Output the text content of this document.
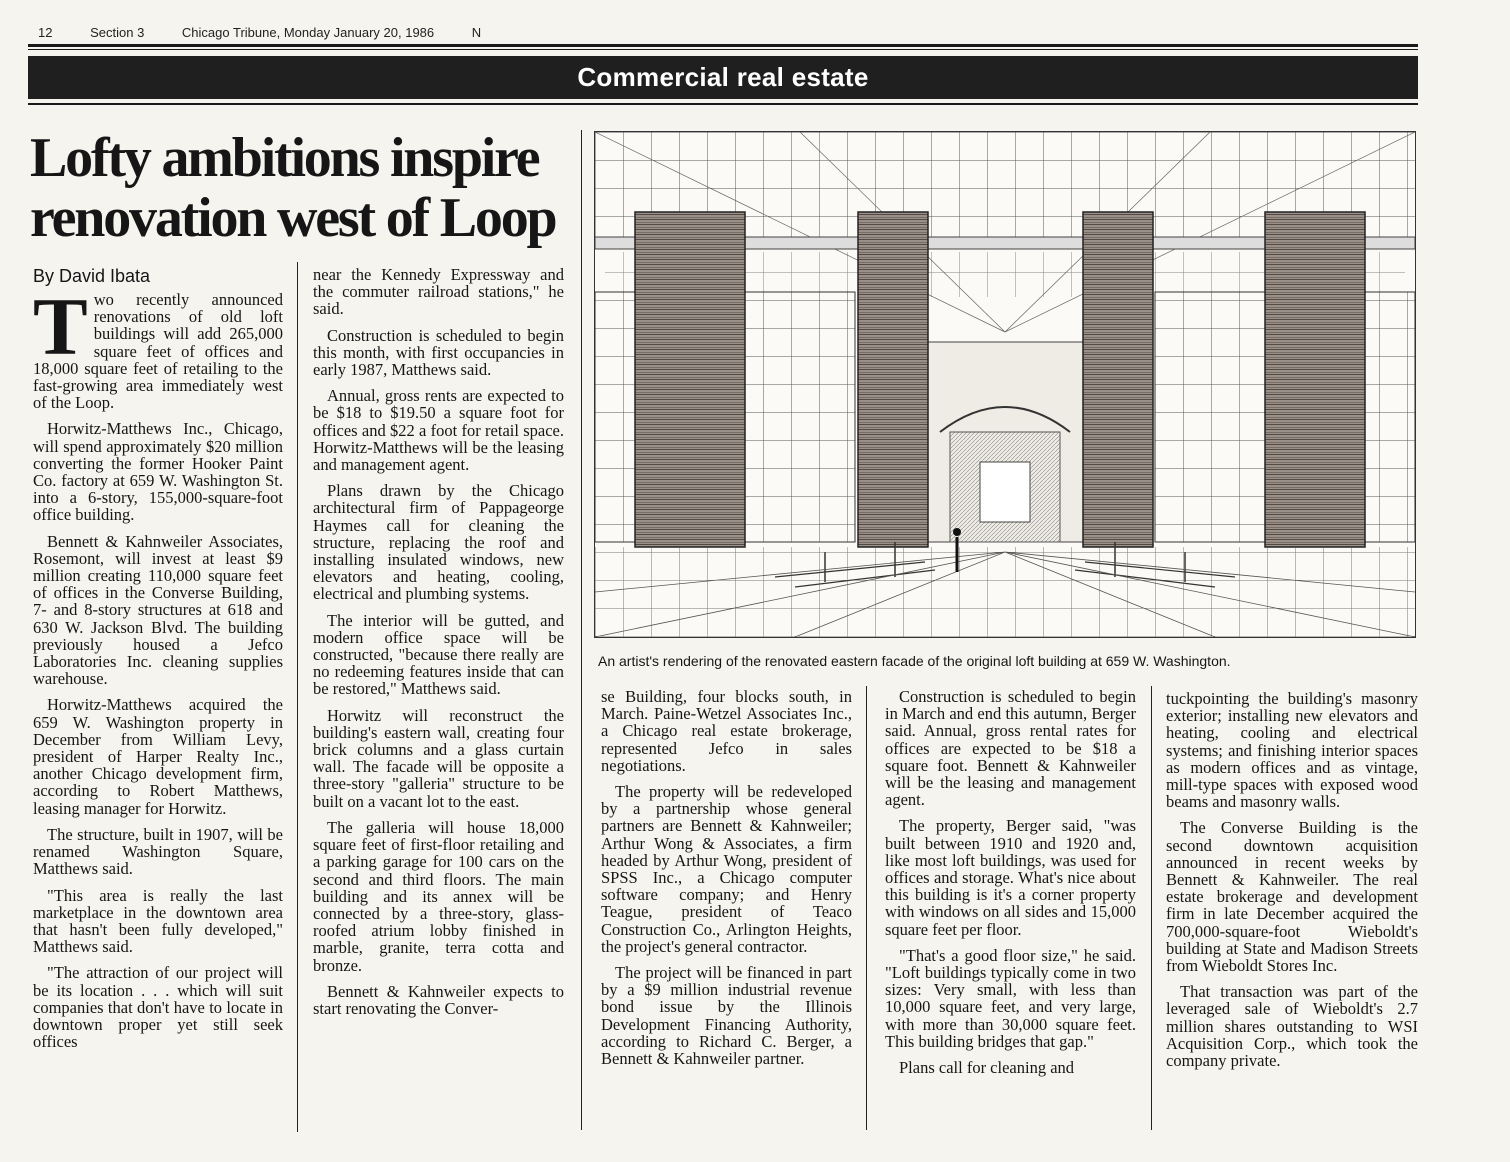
12	Section 3	Chicago Tribune, Monday January 20, 1986	N
Commercial real estate
Lofty ambitions inspire renovation west of Loop
By David Ibata

Two recently announced renovations of old loft buildings will add 265,000 square feet of offices and 18,000 square feet of retailing to the fast-growing area immediately west of the Loop.

Horwitz-Matthews Inc., Chicago, will spend approximately $20 million converting the former Hooker Paint Co. factory at 659 W. Washington St. into a 6-story, 155,000-square-foot office building.

Bennett & Kahnweiler Associates, Rosemont, will invest at least $9 million creating 110,000 square feet of offices in the Converse Building, 7- and 8-story structures at 618 and 630 W. Jackson Blvd. The building previously housed a Jefco Laboratories Inc. cleaning supplies warehouse.

Horwitz-Matthews acquired the 659 W. Washington property in December from William Levy, president of Harper Realty Inc., another Chicago development firm, according to Robert Matthews, leasing manager for Horwitz.

The structure, built in 1907, will be renamed Washington Square, Matthews said.

"This area is really the last marketplace in the downtown area that hasn't been fully developed," Matthews said.

"The attraction of our project will be its location . . . which will suit companies that don't have to locate in downtown proper yet still seek offices

near the Kennedy Expressway and the commuter railroad stations," he said.

Construction is scheduled to begin this month, with first occupancies in early 1987, Matthews said.

Annual, gross rents are expected to be $18 to $19.50 a square foot for offices and $22 a foot for retail space. Horwitz-Matthews will be the leasing and management agent.

Plans drawn by the Chicago architectural firm of Pappageorge Haymes call for cleaning the structure, replacing the roof and installing insulated windows, new elevators and heating, cooling, electrical and plumbing systems.

The interior will be gutted, and modern office space will be constructed, "because there really are no redeeming features inside that can be restored," Matthews said.

Horwitz will reconstruct the building's eastern wall, creating four brick columns and a glass curtain wall. The facade will be opposite a three-story "galleria" structure to be built on a vacant lot to the east.

The galleria will house 18,000 square feet of first-floor retailing and a parking garage for 100 cars on the second and third floors. The main building and its annex will be connected by a three-story, glass-roofed atrium lobby finished in marble, granite, terra cotta and bronze.

Bennett & Kahnweiler expects to start renovating the Conver-

An artist's rendering of the renovated eastern facade of the original loft building at 659 W. Washington.

se Building, four blocks south, in March. Paine-Wetzel Associates Inc., a Chicago real estate brokerage, represented Jefco in sales negotiations.

The property will be redeveloped by a partnership whose general partners are Bennett & Kahnweiler; Arthur Wong & Associates, a firm headed by Arthur Wong, president of SPSS Inc., a Chicago computer software company; and Henry Teague, president of Teaco Construction Co., Arlington Heights, the project's general contractor.

The project will be financed in part by a $9 million industrial revenue bond issue by the Illinois Development Financing Authority, according to Richard C. Berger, a Bennett & Kahnweiler partner.

Construction is scheduled to begin in March and end this autumn, Berger said. Annual, gross rental rates for offices are expected to be $18 a square foot. Bennett & Kahnweiler will be the leasing and management agent.

The property, Berger said, "was built between 1910 and 1920 and, like most loft buildings, was used for offices and storage. What's nice about this building is it's a corner property with windows on all sides and 15,000 square feet per floor.

"That's a good floor size," he said. "Loft buildings typically come in two sizes: Very small, with less than 10,000 square feet, and very large, with more than 30,000 square feet. This building bridges that gap."

Plans call for cleaning and

tuckpointing the building's masonry exterior; installing new elevators and heating, cooling and electrical systems; and finishing interior spaces as modern offices and as vintage, mill-type spaces with exposed wood beams and masonry walls.

The Converse Building is the second downtown acquisition announced in recent weeks by Bennett & Kahnweiler. The real estate brokerage and development firm in late December acquired the 700,000-square-foot Wieboldt's building at State and Madison Streets from Wieboldt Stores Inc.

That transaction was part of the leveraged sale of Wieboldt's 2.7 million shares outstanding to WSI Acquisition Corp., which took the company private.
